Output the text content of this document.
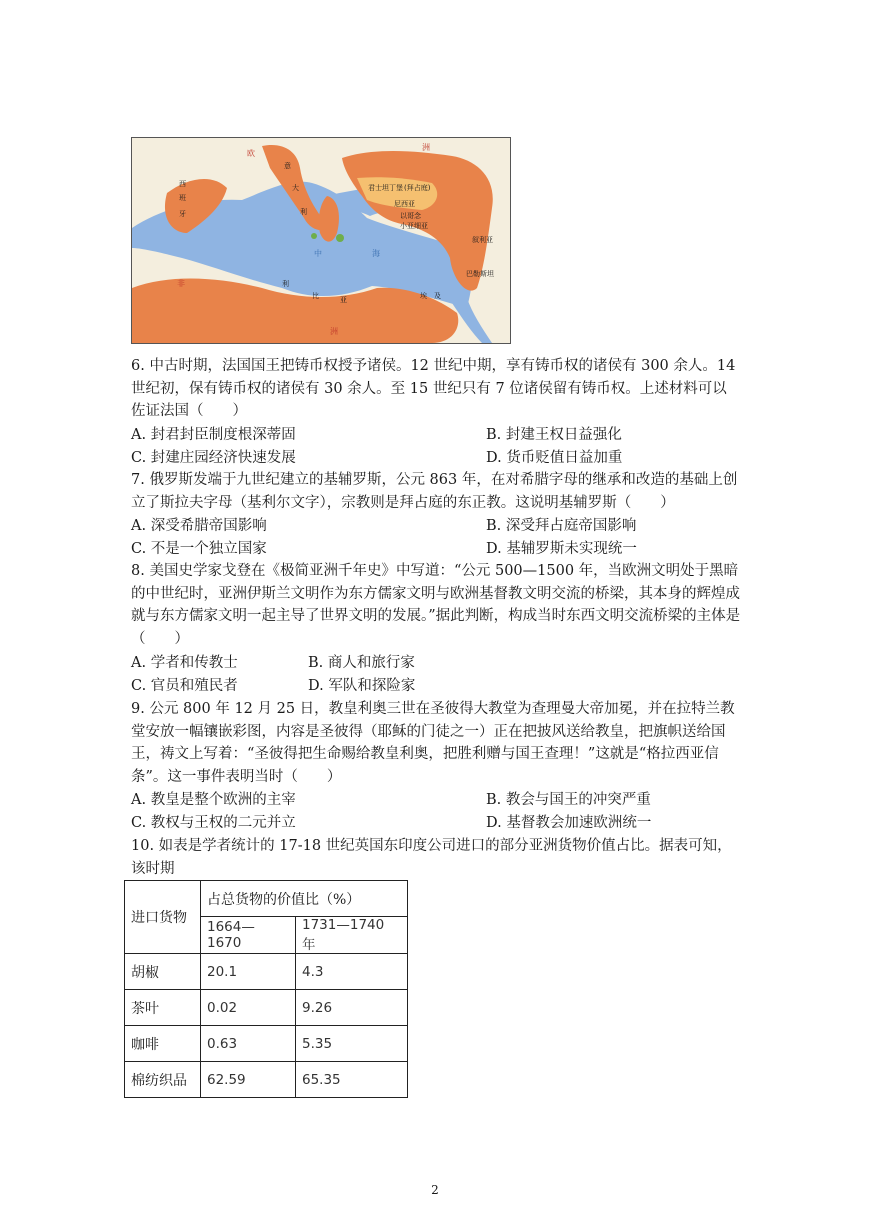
欧
洲
西
班
牙
意
大
利
君士坦丁堡 (拜占庭)
尼西亚
以哥念
小亚细亚
叙利亚
巴勒斯坦
非	利
比	亚	埃 及
洲
中	海
6. 中古时期，法国国王把铸币权授予诸侯。12 世纪中期，享有铸币权的诸侯有 300 余人。14 世纪初，保有铸币权的诸侯有 30 余人。至 15 世纪只有 7 位诸侯留有铸币权。上述材料可以佐证法国（　　）
A. 封君封臣制度根深蒂固	B. 封建王权日益强化
C. 封建庄园经济快速发展	D. 货币贬值日益加重
7. 俄罗斯发端于九世纪建立的基辅罗斯，公元 863 年，在对希腊字母的继承和改造的基础上创立了斯拉夫字母（基利尔文字），宗教则是拜占庭的东正教。这说明基辅罗斯（　　）
A. 深受希腊帝国影响	B. 深受拜占庭帝国影响
C. 不是一个独立国家	D. 基辅罗斯未实现统一
8. 美国史学家戈登在《极简亚洲千年史》中写道：“公元 500—1500 年，当欧洲文明处于黑暗的中世纪时，亚洲伊斯兰文明作为东方儒家文明与欧洲基督教文明交流的桥梁，其本身的辉煌成就与东方儒家文明一起主导了世界文明的发展。”据此判断，构成当时东西文明交流桥梁的主体是（　　）
A. 学者和传教士	B. 商人和旅行家
C. 官员和殖民者	D. 军队和探险家
9. 公元 800 年 12 月 25 日，教皇利奥三世在圣彼得大教堂为查理曼大帝加冕，并在拉特兰教堂安放一幅镶嵌彩图，内容是圣彼得（耶稣的门徒之一）正在把披风送给教皇，把旗帜送给国王，祷文上写着：“圣彼得把生命赐给教皇利奥，把胜利赠与国王查理！”这就是“格拉西亚信条”。这一事件表明当时（　　）
A. 教皇是整个欧洲的主宰	B. 教会与国王的冲突严重
C. 教权与王权的二元并立	D. 基督教会加速欧洲统一
10. 如表是学者统计的 17-18 世纪英国东印度公司进口的部分亚洲货物价值占比。据表可知，该时期
进口货物	占总货物的价值比（%）	
	1664—1670	1731—1740 年
胡椒	20.1	4.3
茶叶	0.02	9.26
咖啡	0.63	5.35
棉纺织品	62.59	65.35
2
